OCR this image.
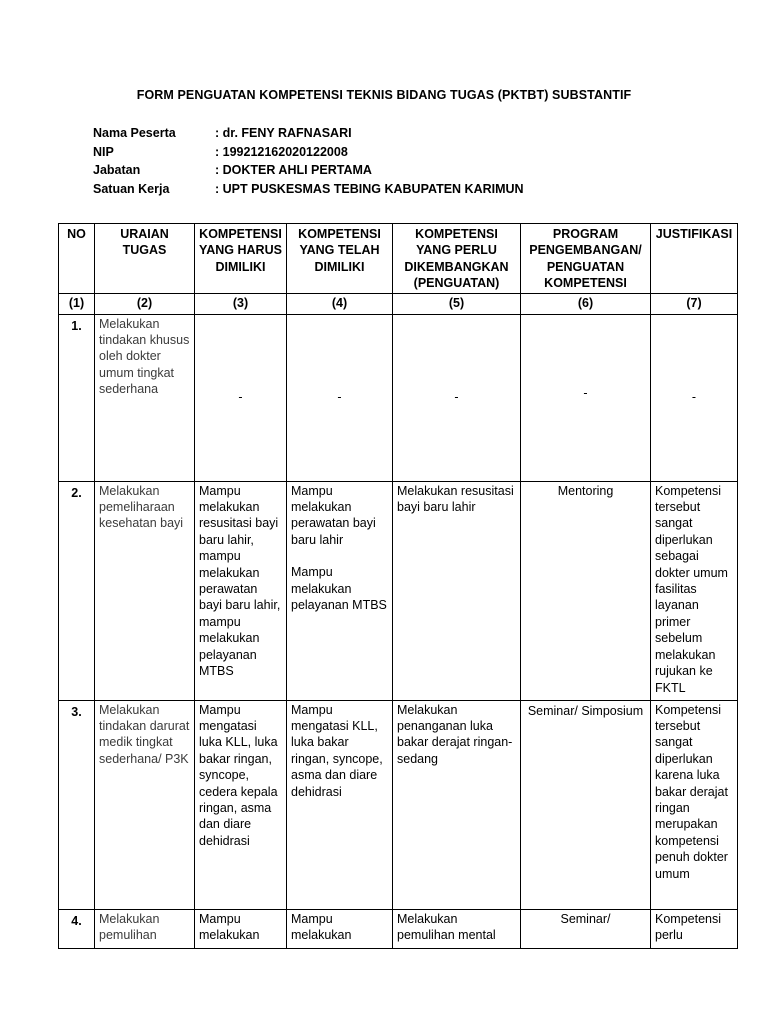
FORM PENGUATAN KOMPETENSI TEKNIS BIDANG TUGAS (PKTBT) SUBSTANTIF
Nama Peserta	: dr. FENY RAFNASARI
NIP	: 199212162020122008
Jabatan	: DOKTER AHLI PERTAMA
Satuan Kerja	: UPT PUSKESMAS TEBING KABUPATEN KARIMUN
NO	URAIAN TUGAS	KOMPETENSI YANG HARUS DIMILIKI	KOMPETENSI YANG TELAH DIMILIKI	KOMPETENSI YANG PERLU DIKEMBANGKAN (PENGUATAN)	PROGRAM PENGEMBANGAN/ PENGUATAN KOMPETENSI	JUSTIFIKASI
(1)	(2)	(3)	(4)	(5)	(6)	(7)
1.	Melakukan tindakan khusus oleh dokter umum tingkat sederhana	-	-	-	-	-
2.	Melakukan pemeliharaan kesehatan bayi	Mampu melakukan resusitasi bayi baru lahir, mampu melakukan perawatan bayi baru lahir, mampu melakukan pelayanan MTBS	Mampu melakukan perawatan bayi baru lahir
Mampu melakukan pelayanan MTBS	Melakukan resusitasi bayi baru lahir	Mentoring	Kompetensi tersebut sangat diperlukan sebagai dokter umum fasilitas layanan primer sebelum melakukan rujukan ke FKTL
3.	Melakukan tindakan darurat medik tingkat sederhana/ P3K	Mampu mengatasi luka KLL, luka bakar ringan, syncope, cedera kepala ringan, asma dan diare dehidrasi	Mampu mengatasi KLL, luka bakar ringan, syncope, asma dan diare dehidrasi	Melakukan penanganan luka bakar derajat ringan-sedang	Seminar/ Simposium	Kompetensi tersebut sangat diperlukan karena luka bakar derajat ringan merupakan kompetensi penuh dokter umum
4.	Melakukan pemulihan	Mampu melakukan	Mampu melakukan	Melakukan pemulihan mental	Seminar/	Kompetensi perlu
